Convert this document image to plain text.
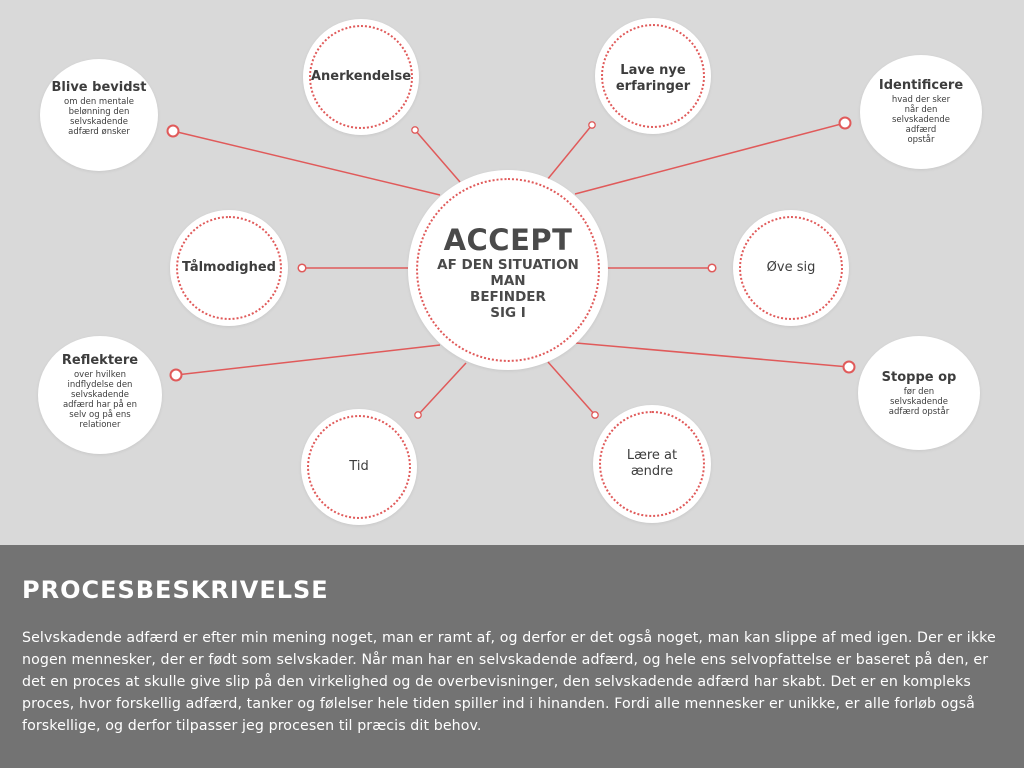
ACCEPT
AF DEN SITUATION
MAN
BEFINDER
SIG I
Blive bevidst
om den mentale
belønning den
selvskadende
adfærd ønsker
Anerkendelse	Lave nye
erfaringer	Identificere
hvad der sker
når den
selvskadende
adfærd
opstår
Tålmodighed	Øve sig
Reflektere
over hvilken
indflydelse den
selvskadende
adfærd har på en
selv og på ens
relationer
Stoppe op
før den
selvskadende
adfærd opstår
Tid
Lære at
ændre
PROCESBESKRIVELSE

Selvskadende adfærd er efter min mening noget, man er ramt af, og derfor er det også noget, man kan slippe af med igen. Der er ikke nogen mennesker, der er født som selvskader. Når man har en selvskadende adfærd, og hele ens selvopfattelse er baseret på den, er det en proces at skulle give slip på den virkelighed og de overbevisninger, den selvskadende adfærd har skabt. Det er en kompleks proces, hvor forskellig adfærd, tanker og følelser hele tiden spiller ind i hinanden. Fordi alle mennesker er unikke, er alle forløb også forskellige, og derfor tilpasser jeg procesen til præcis dit behov.
